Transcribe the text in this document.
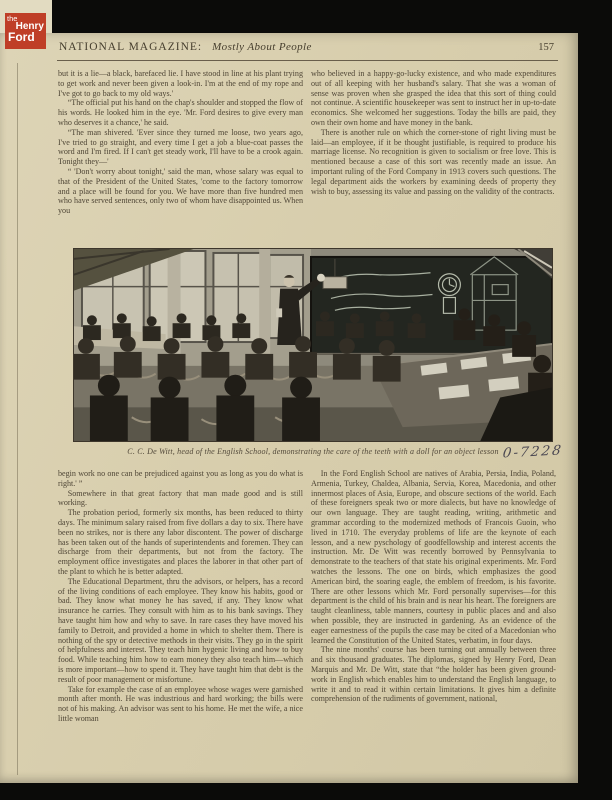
the
Henry
Ford
NATIONAL MAGAZINE: Mostly About People	157

but it is a lie—a black, barefaced lie. I have stood in line at his plant trying to get work and never been given a look-in. I'm at the end of my rope and I've got to go back to my old ways.'

“The official put his hand on the chap's shoulder and stopped the flow of his words. He looked him in the eye. 'Mr. Ford desires to give every man who deserves it a chance,' he said.

“The man shivered. 'Ever since they turned me loose, two years ago, I've tried to go straight, and every time I get a job a blue-coat passes the word and I'm fired. If I can't get steady work, I'll have to be a crook again. Tonight they—'

“ 'Don't worry about tonight,' said the man, whose salary was equal to that of the President of the United States, 'come to the factory tomorrow and a place will be found for you. We have more than five hundred men who have served sentences, only two of whom have disappointed us. When you

who believed in a happy-go-lucky existence, and who made expenditures out of all keeping with her husband's salary. That she was a woman of sense was proven when she grasped the idea that this sort of thing could not continue. A scientific housekeeper was sent to instruct her in up-to-date economics. She welcomed her suggestions. Today the bills are paid, they own their own home and have money in the bank.

There is another rule on which the corner-stone of right living must be laid—an employee, if it be thought justifiable, is required to produce his marriage license. No recognition is given to socialism or free love. This is mentioned because a case of this sort was recently made an issue. An important ruling of the Ford Company in 1913 covers such questions. The legal department aids the workers by examining deeds of property they wish to buy, assessing its value and passing on the validity of the contracts.

C. C. De Witt, head of the English School, demonstrating the care of the teeth with a doll for an object lesson 0-7228

begin work no one can be prejudiced against you as long as you do what is right.' ”

Somewhere in that great factory that man made good and is still working.

The probation period, formerly six months, has been reduced to thirty days. The minimum salary raised from five dollars a day to six. There have been no strikes, nor is there any labor discontent. The power of discharge has been taken out of the hands of superintendents and foremen. They can discharge from their departments, but not from the factory. The employment office investigates and places the laborer in that other part of the plant to which he is better adapted.

The Educational Department, thru the advisors, or helpers, has a record of the living conditions of each employee. They know his habits, good or bad. They know what money he has saved, if any. They know what insurance he carries. They consult with him as to his bank savings. They have taught him how and why to save. In rare cases they have moved his family to Detroit, and provided a home in which to shelter them. There is nothing of the spy or detective methods in their visits. They go in the spirit of helpfulness and interest. They teach him hygenic living and how to buy food. While teaching him how to earn money they also teach him—which is more important—how to spend it. They have taught him that debt is the result of poor management or misfortune.

Take for example the case of an employee whose wages were garnished month after month. He was industrious and hard working; the bills were not of his making. An advisor was sent to his home. He met the wife, a nice little woman

In the Ford English School are natives of Arabia, Persia, India, Poland, Armenia, Turkey, Chaldea, Albania, Servia, Korea, Macedonia, and other innermost places of Asia, Europe, and obscure sections of the world. Each of these foreigners speak two or more dialects, but have no knowledge of our own language. They are taught reading, writing, arithmetic and grammar according to the modernized methods of Francois Guoin, who lived in 1710. The everyday problems of life are the keynote of each lesson, and a new pyschology of goodfellowship and interest accents the instruction. Mr. De Witt was recently borrowed by Pennsylvania to demonstrate to the teachers of that state his original experiments. Mr. Ford watches the lessons. The one on birds, which emphasizes the good American bird, the soaring eagle, the emblem of freedom, is his favorite. There are other lessons which Mr. Ford personally supervises—for this department is the child of his brain and is near his heart. The foreigners are taught cleanliness, table manners, courtesy in public places and and also when possible, they are instructed in gardening. As an evidence of the eager earnestness of the pupils the case may be cited of a Macedonian who learned the Constitution of the United States, verbatim, in four days.

The nine months' course has been turning out annually between three and six thousand graduates. The diplomas, signed by Henry Ford, Dean Marquis and Mr. De Witt, state that “the holder has been given ground-work in English which enables him to understand the English language, to write it and to read it within certain limitations. It gives him a definite comprehension of the rudiments of government, national,
